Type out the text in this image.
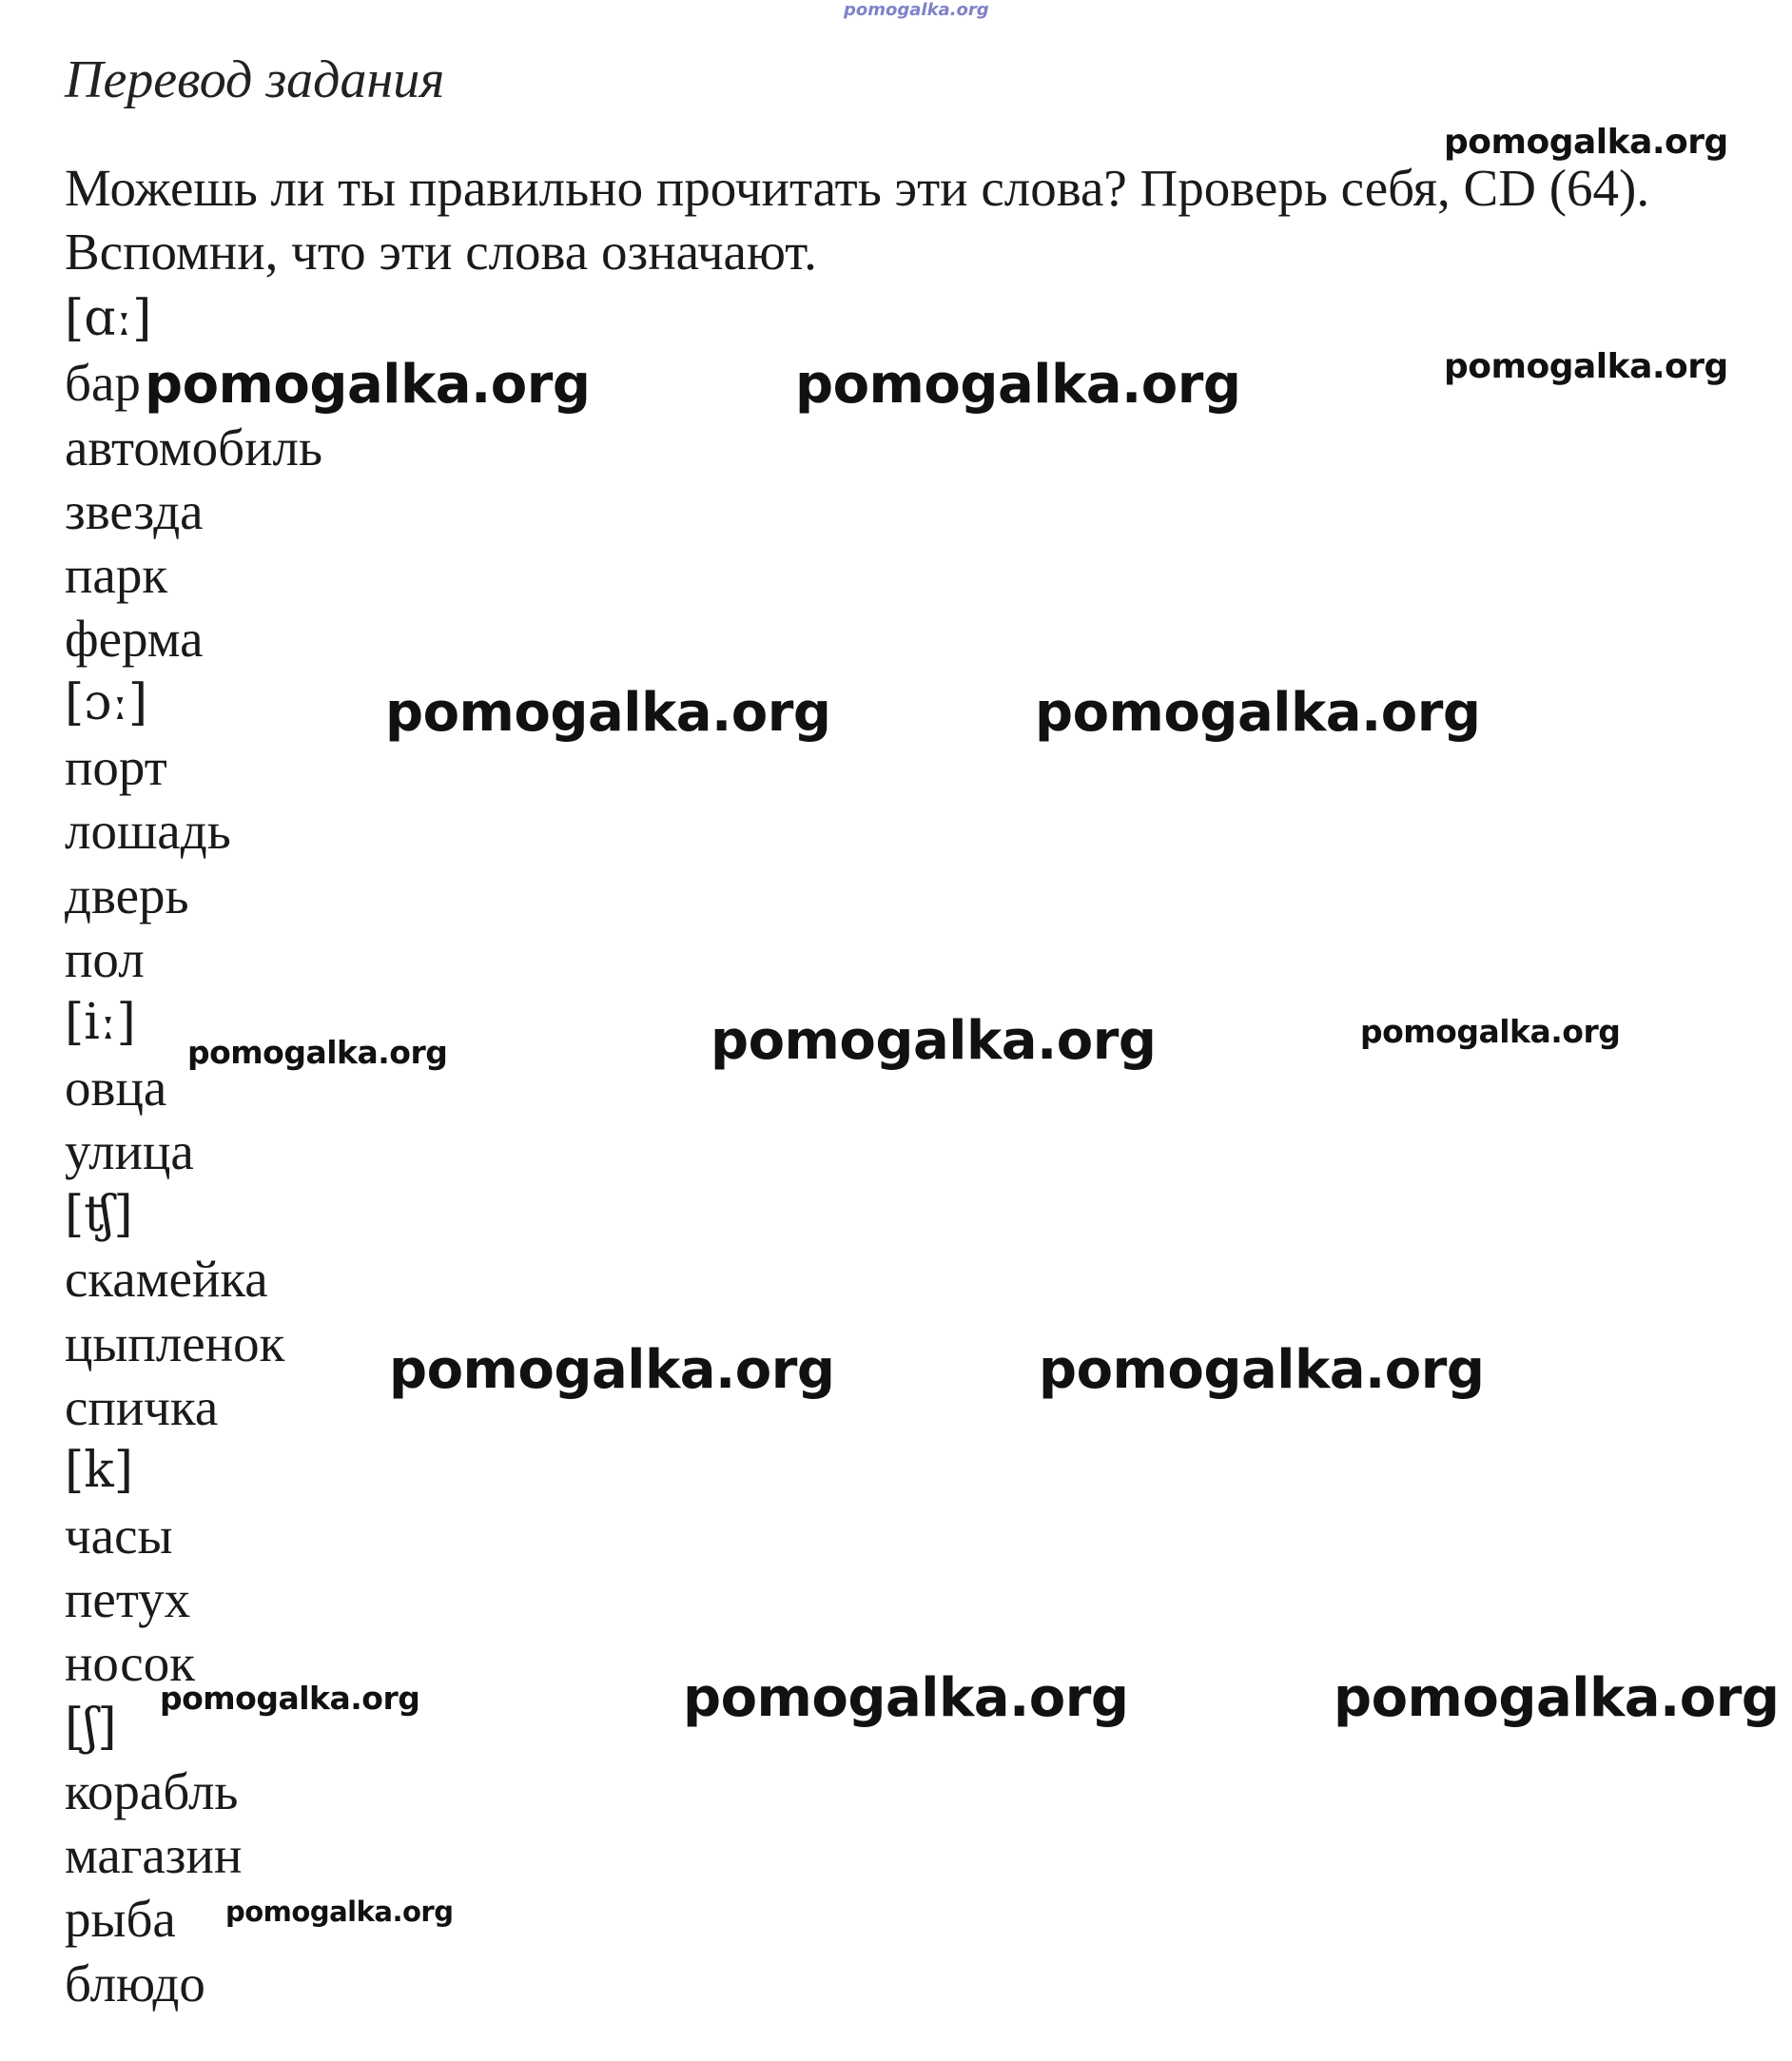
Перевод задания

Можешь ли ты правильно прочитать эти слова? Проверь себя, CD (64).

Вспомни, что эти слова означают.

[ɑː]
бар
автомобиль
звезда
парк
ферма
[ɔː]
порт
лошадь
дверь
пол
[iː]
овца
улица
[ʧ]
скамейка
цыпленок
спичка
[k]
часы
петух
носок
[ʃ]
корабль
магазин
рыба
блюдо
pomogalka.org
pomogalka.org
pomogalka.org	pomogalka.org	pomogalka.org
pomogalka.org	pomogalka.org
pomogalka.org	pomogalka.org	pomogalka.org
pomogalka.org	pomogalka.org
pomogalka.org	pomogalka.org	pomogalka.org
pomogalka.org
